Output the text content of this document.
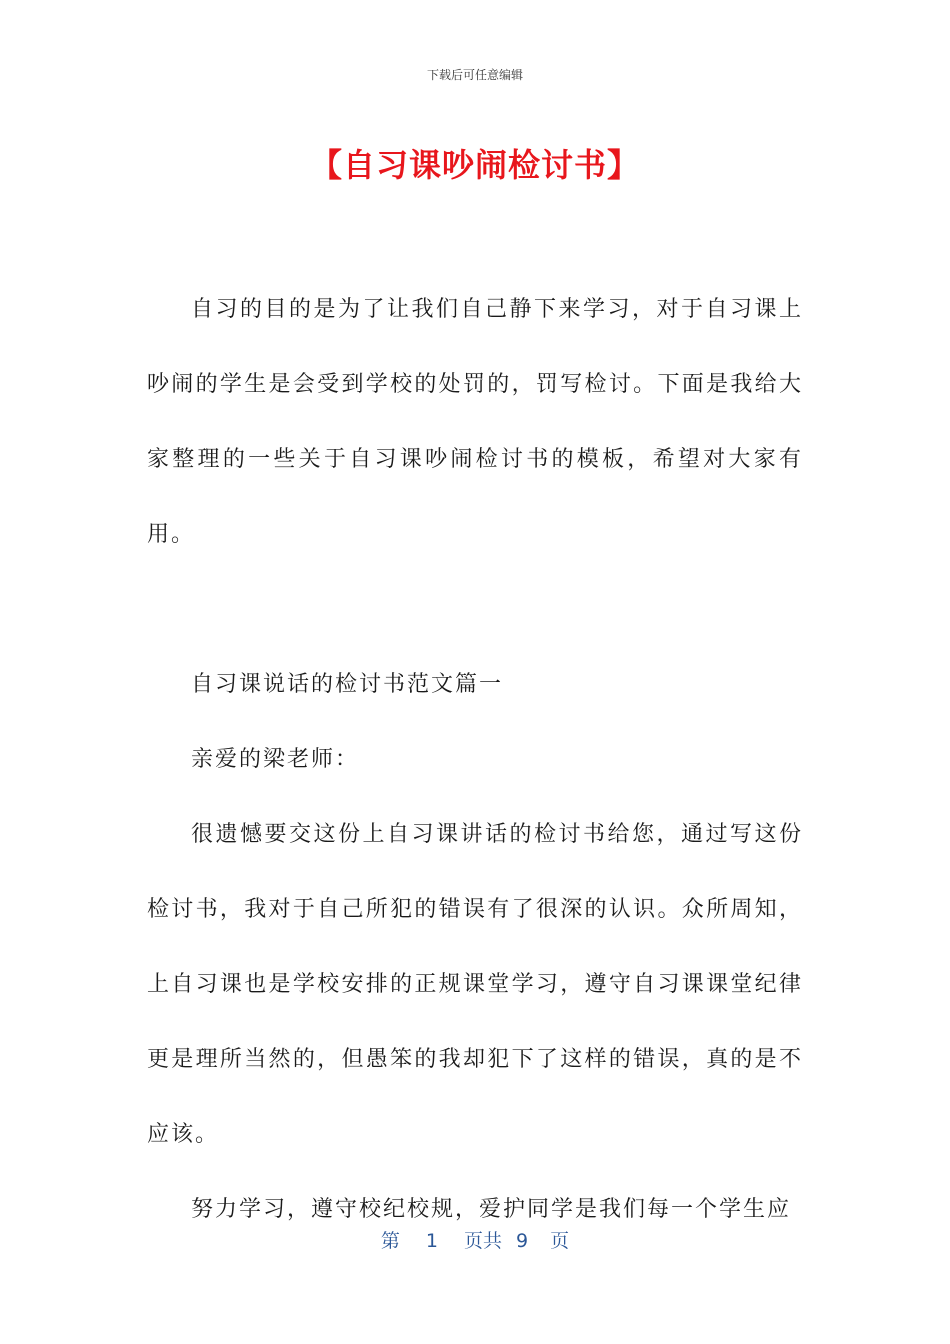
下载后可任意编辑
【自习课吵闹检讨书】

自习的目的是为了让我们自己静下来学习，对于自习课上吵闹的学生是会受到学校的处罚的，罚写检讨。下面是我给大家整理的一些关于自习课吵闹检讨书的模板，希望对大家有用。

自习课说话的检讨书范文篇一

亲爱的梁老师：

很遗憾要交这份上自习课讲话的检讨书给您，通过写这份检讨书，我对于自己所犯的错误有了很深的认识。众所周知，上自习课也是学校安排的正规课堂学习，遵守自习课课堂纪律更是理所当然的，但愚笨的我却犯下了这样的错误，真的是不应该。

努力学习，遵守校纪校规，爱护同学是我们每一个学生应

第 1 页共 9 页
